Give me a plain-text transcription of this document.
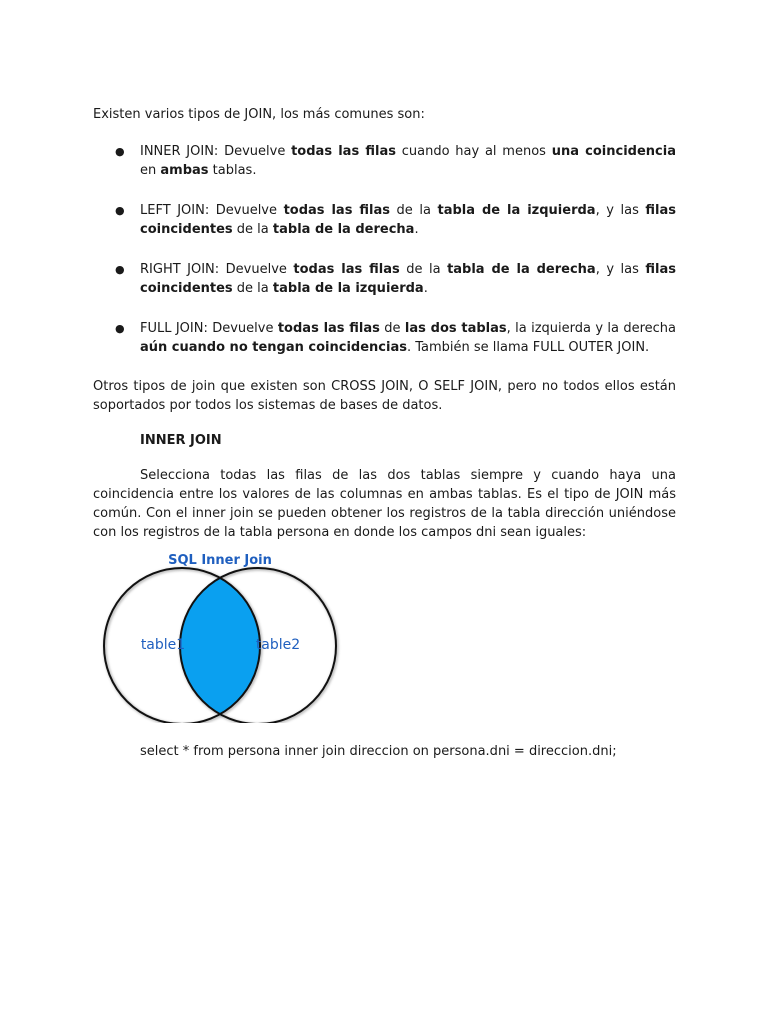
Existen varios tipos de JOIN, los más comunes son:
● INNER JOIN: Devuelve todas las filas cuando hay al menos una coincidencia en ambas tablas.
● LEFT JOIN: Devuelve todas las filas de la tabla de la izquierda, y las filas coincidentes de la tabla de la derecha.
● RIGHT JOIN: Devuelve todas las filas de la tabla de la derecha, y las filas coincidentes de la tabla de la izquierda.
● FULL JOIN: Devuelve todas las filas de las dos tablas, la izquierda y la derecha aún cuando no tengan coincidencias. También se llama FULL OUTER JOIN.
Otros tipos de join que existen son CROSS JOIN, O SELF JOIN, pero no todos ellos están soportados por todos los sistemas de bases de datos.
INNER JOIN
Selecciona todas las filas de las dos tablas siempre y cuando haya una coincidencia entre los valores de las columnas en ambas tablas. Es el tipo de JOIN más común. Con el inner join se pueden obtener los registros de la tabla dirección uniéndose con los registros de la tabla persona en donde los campos dni sean iguales:
SQL Inner Join
table1	table2
select * from persona inner join direccion on persona.dni = direccion.dni;
